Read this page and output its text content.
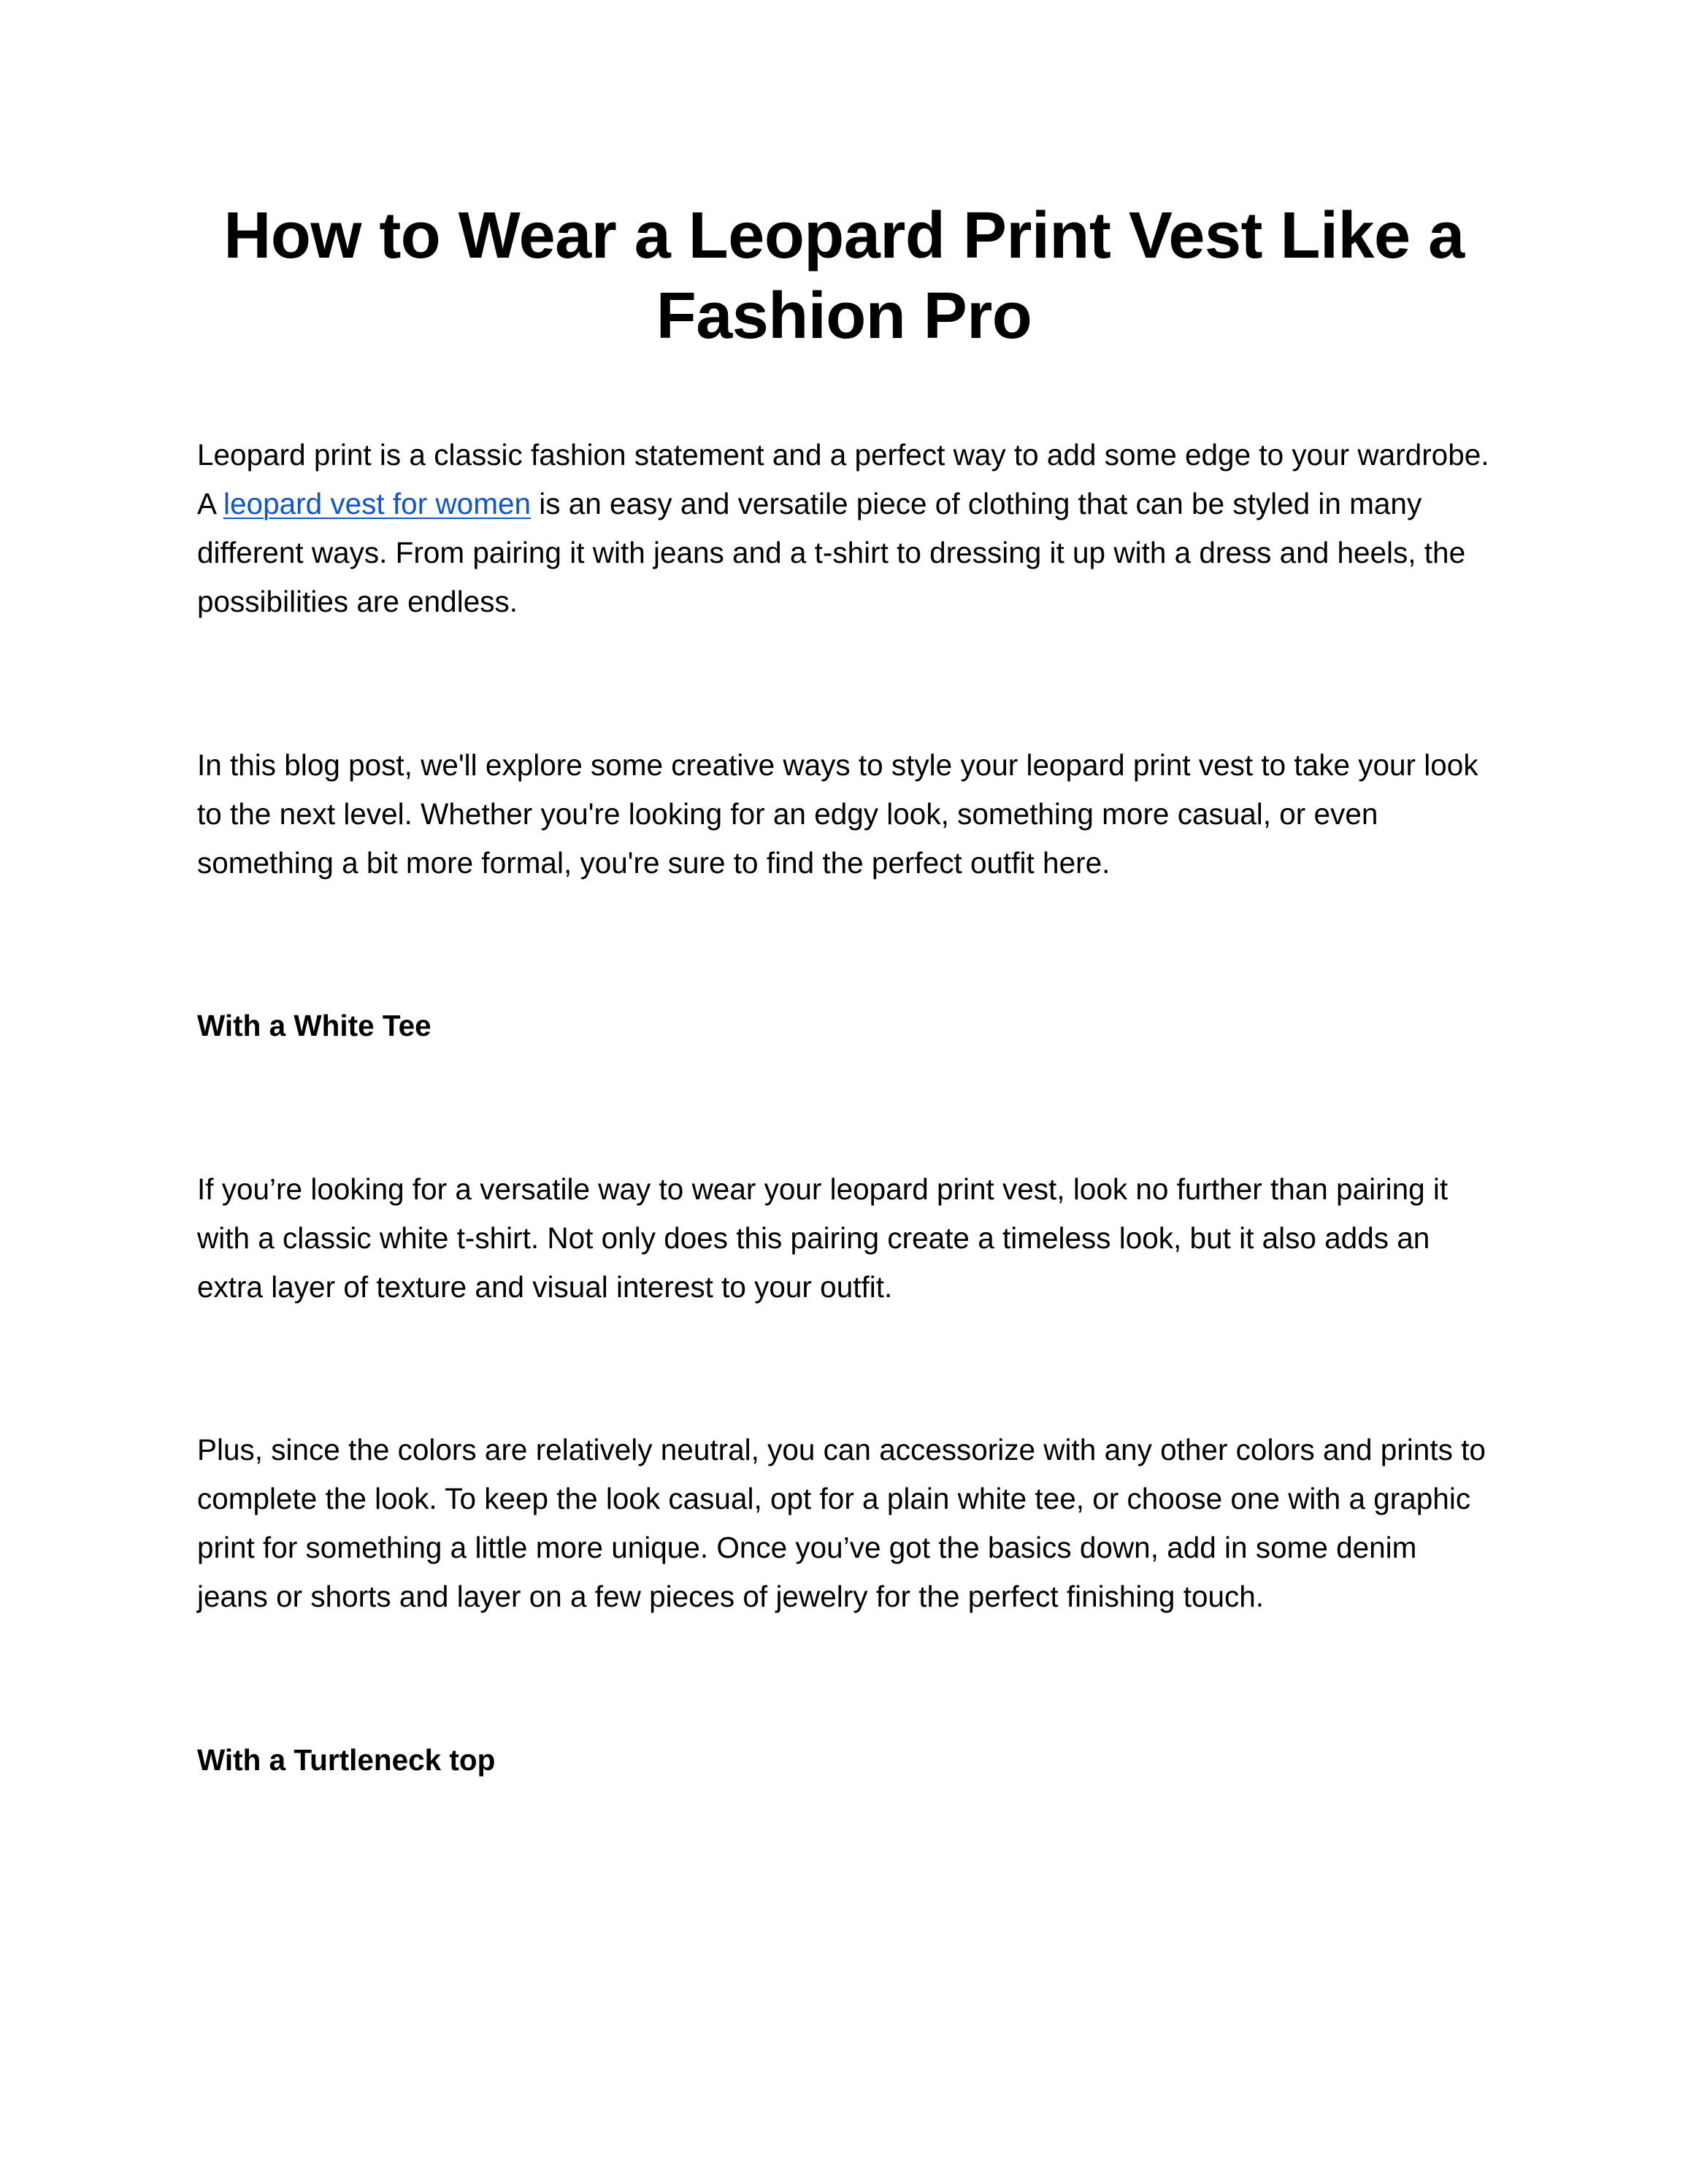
How to Wear a Leopard Print Vest Like a Fashion Pro

Leopard print is a classic fashion statement and a perfect way to add some edge to your wardrobe. A leopard vest for women is an easy and versatile piece of clothing that can be styled in many different ways. From pairing it with jeans and a t-shirt to dressing it up with a dress and heels, the possibilities are endless.

In this blog post, we'll explore some creative ways to style your leopard print vest to take your look to the next level. Whether you're looking for an edgy look, something more casual, or even something a bit more formal, you're sure to find the perfect outfit here.

With a White Tee

If you’re looking for a versatile way to wear your leopard print vest, look no further than pairing it with a classic white t-shirt. Not only does this pairing create a timeless look, but it also adds an extra layer of texture and visual interest to your outfit.

Plus, since the colors are relatively neutral, you can accessorize with any other colors and prints to complete the look. To keep the look casual, opt for a plain white tee, or choose one with a graphic print for something a little more unique. Once you’ve got the basics down, add in some denim jeans or shorts and layer on a few pieces of jewelry for the perfect finishing touch.

With a Turtleneck top
